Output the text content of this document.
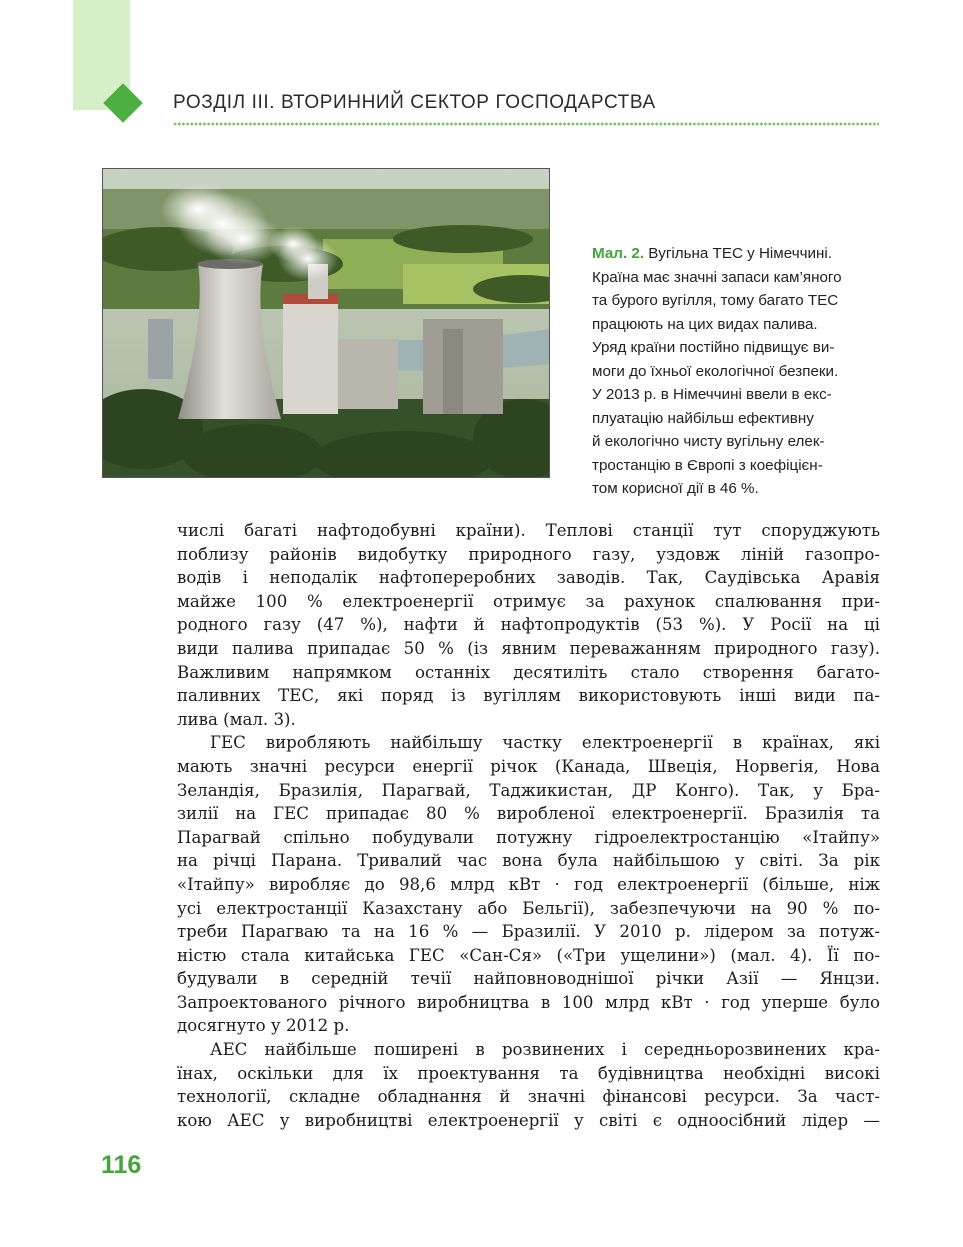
РОЗДІЛ ІІІ. ВТОРИННИЙ СЕКТОР ГОСПОДАРСТВА
Мал. 2. Вугільна ТЕС у Німеччині.
Країна має значні запаси кам’яного
та бурого вугілля, тому багато ТЕС
працюють на цих видах палива.
Уряд країни постійно підвищує ви-
моги до їхньої екологічної безпеки.
У 2013 р. в Німеччині ввели в екс-
плуатацію найбільш ефективну
й екологічно чисту вугільну елек-
тростанцію в Європі з коефіцієн-
том корисної дії в 46 %.
числі багаті нафтодобувні країни). Теплові станції тут споруджують
поблизу районів видобутку природного газу, уздовж ліній газопро-
водів і неподалік нафтопереробних заводів. Так, Саудівська Аравія
майже 100 % електроенергії отримує за рахунок спалювання при-
родного газу (47 %), нафти й нафтопродуктів (53 %). У Росії на ці
види палива припадає 50 % (із явним переважанням природного газу).
Важливим напрямком останніх десятиліть стало створення багато-
паливних ТЕС, які поряд із вугіллям використовують інші види па-
лива (мал. 3).
ГЕС виробляють найбільшу частку електроенергії в країнах, які
мають значні ресурси енергії річок (Канада, Швеція, Норвегія, Нова
Зеландія, Бразилія, Парагвай, Таджикистан, ДР Конго). Так, у Бра-
зилії на ГЕС припадає 80 % виробленої електроенергії. Бразилія та
Парагвай спільно побудували потужну гідроелектростанцію «Ітайпу»
на річці Парана. Тривалий час вона була найбільшою у світі. За рік
«Ітайпу» виробляє до 98,6 млрд кВт · год електроенергії (більше, ніж
усі електростанції Казахстану або Бельгії), забезпечуючи на 90 % по-
треби Парагваю та на 16 % — Бразилії. У 2010 р. лідером за потуж-
ністю стала китайська ГЕС «Сан-Ся» («Три ущелини») (мал. 4). Її по-
будували в середній течії найповноводнішої річки Азії — Янцзи.
Запроектованого річного виробництва в 100 млрд кВт · год уперше було
досягнуто у 2012 р.
АЕС найбільше поширені в розвинених і середньорозвинених кра-
їнах, оскільки для їх проектування та будівництва необхідні високі
технології, складне обладнання й значні фінансові ресурси. За част-
кою АЕС у виробництві електроенергії у світі є одноосібний лідер —
116
